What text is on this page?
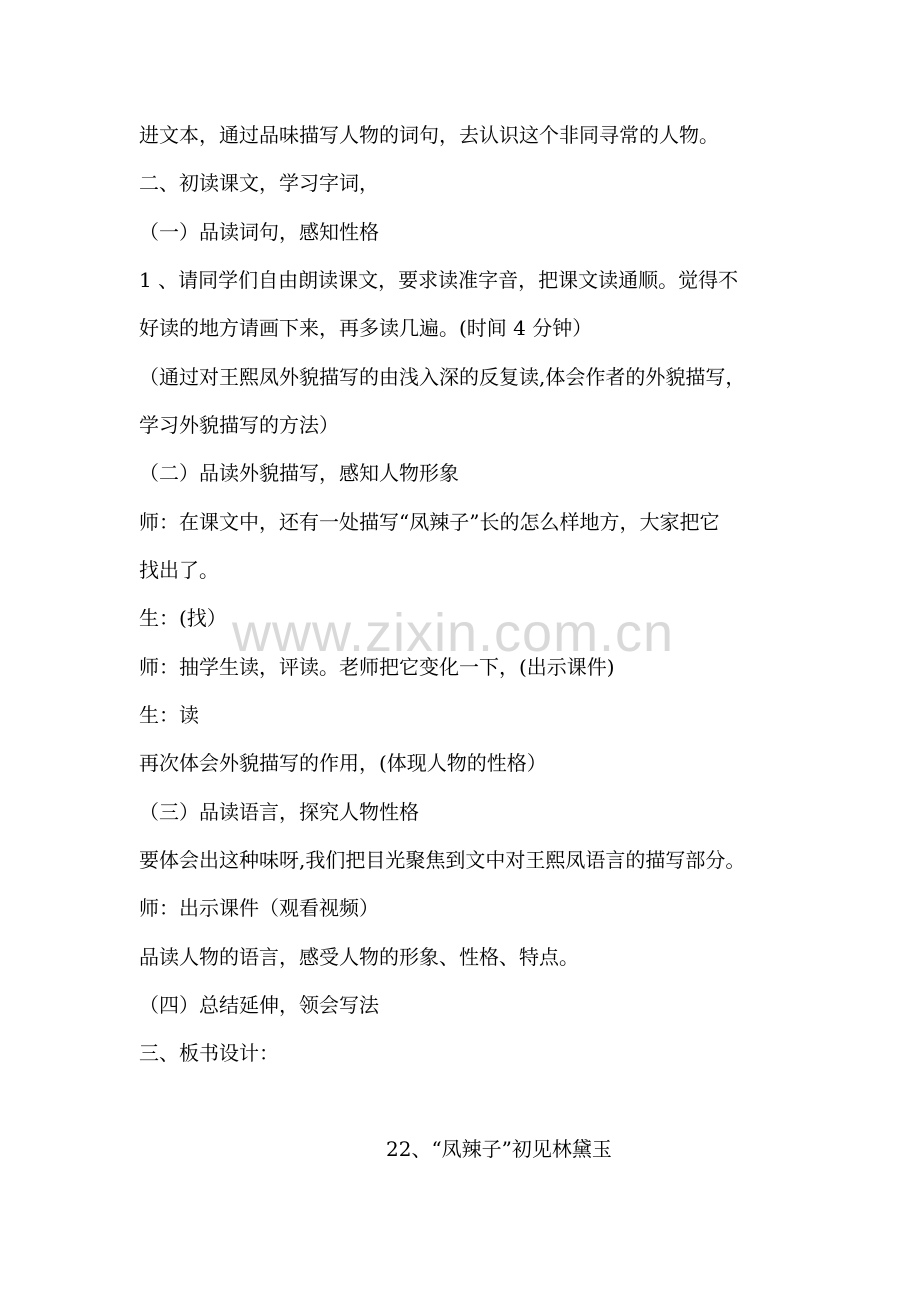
进文本，通过品味描写人物的词句，去认识这个非同寻常的人物。
二、初读课文，学习字词，
（一）品读词句，感知性格
1 、请同学们自由朗读课文，要求读准字音，把课文读通顺。觉得不
好读的地方请画下来，再多读几遍。(时间 4 分钟）
（通过对王熙凤外貌描写的由浅入深的反复读,体会作者的外貌描写，
学习外貌描写的方法）
（二）品读外貌描写，感知人物形象
师：在课文中，还有一处描写“凤辣子”长的怎么样地方，大家把它
找出了。
生：(找）
师：抽学生读，评读。老师把它变化一下，(出示课件)
生：读
再次体会外貌描写的作用，(体现人物的性格）
（三）品读语言，探究人物性格
要体会出这种味呀,我们把目光聚焦到文中对王熙凤语言的描写部分。
师：出示课件（观看视频）
品读人物的语言，感受人物的形象、性格、特点。
（四）总结延伸，领会写法
三、板书设计：
22、“凤辣子”初见林黛玉
www.zixin.com.cn
